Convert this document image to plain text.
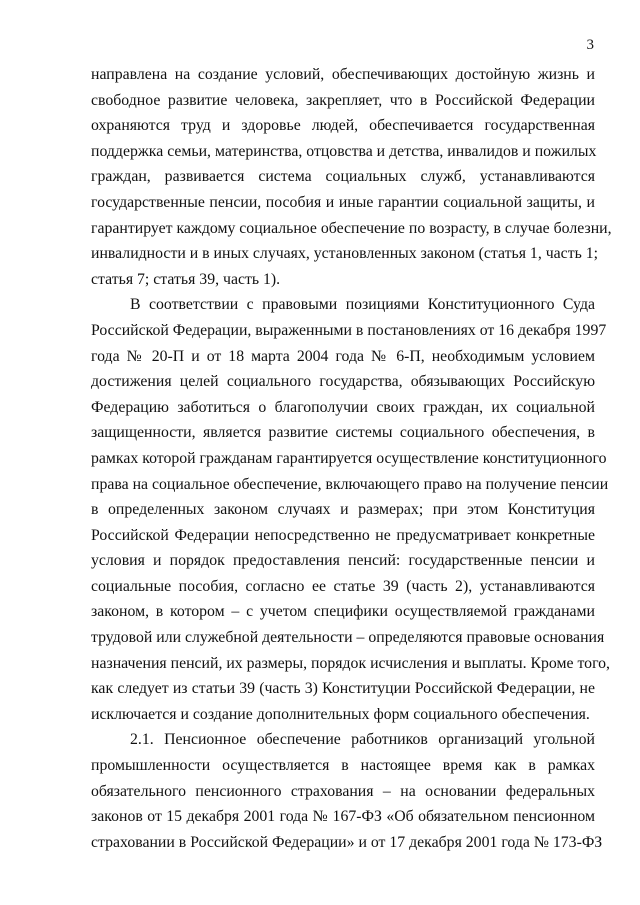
3

направлена на создание условий, обеспечивающих достойную жизнь и
свободное развитие человека, закрепляет, что в Российской Федерации
охраняются труд и здоровье людей, обеспечивается государственная
поддержка семьи, материнства, отцовства и детства, инвалидов и пожилых
граждан, развивается система социальных служб, устанавливаются
государственные пенсии, пособия и иные гарантии социальной защиты, и
гарантирует каждому социальное обеспечение по возрасту, в случае болезни,
инвалидности и в иных случаях, установленных законом (статья 1, часть 1;
статья 7; статья 39, часть 1).

В соответствии с правовыми позициями Конституционного Суда
Российской Федерации, выраженными в постановлениях от 16 декабря 1997
года № 20-П и от 18 марта 2004 года № 6-П, необходимым условием
достижения целей социального государства, обязывающих Российскую
Федерацию заботиться о благополучии своих граждан, их социальной
защищенности, является развитие системы социального обеспечения, в
рамках которой гражданам гарантируется осуществление конституционного
права на социальное обеспечение, включающего право на получение пенсии
в определенных законом случаях и размерах; при этом Конституция
Российской Федерации непосредственно не предусматривает конкретные
условия и порядок предоставления пенсий: государственные пенсии и
социальные пособия, согласно ее статье 39 (часть 2), устанавливаются
законом, в котором – с учетом специфики осуществляемой гражданами
трудовой или служебной деятельности – определяются правовые основания
назначения пенсий, их размеры, порядок исчисления и выплаты. Кроме того,
как следует из статьи 39 (часть 3) Конституции Российской Федерации, не
исключается и создание дополнительных форм социального обеспечения.

2.1. Пенсионное обеспечение работников организаций угольной
промышленности осуществляется в настоящее время как в рамках
обязательного пенсионного страхования – на основании федеральных
законов от 15 декабря 2001 года № 167-ФЗ «Об обязательном пенсионном
страховании в Российской Федерации» и от 17 декабря 2001 года № 173-ФЗ
